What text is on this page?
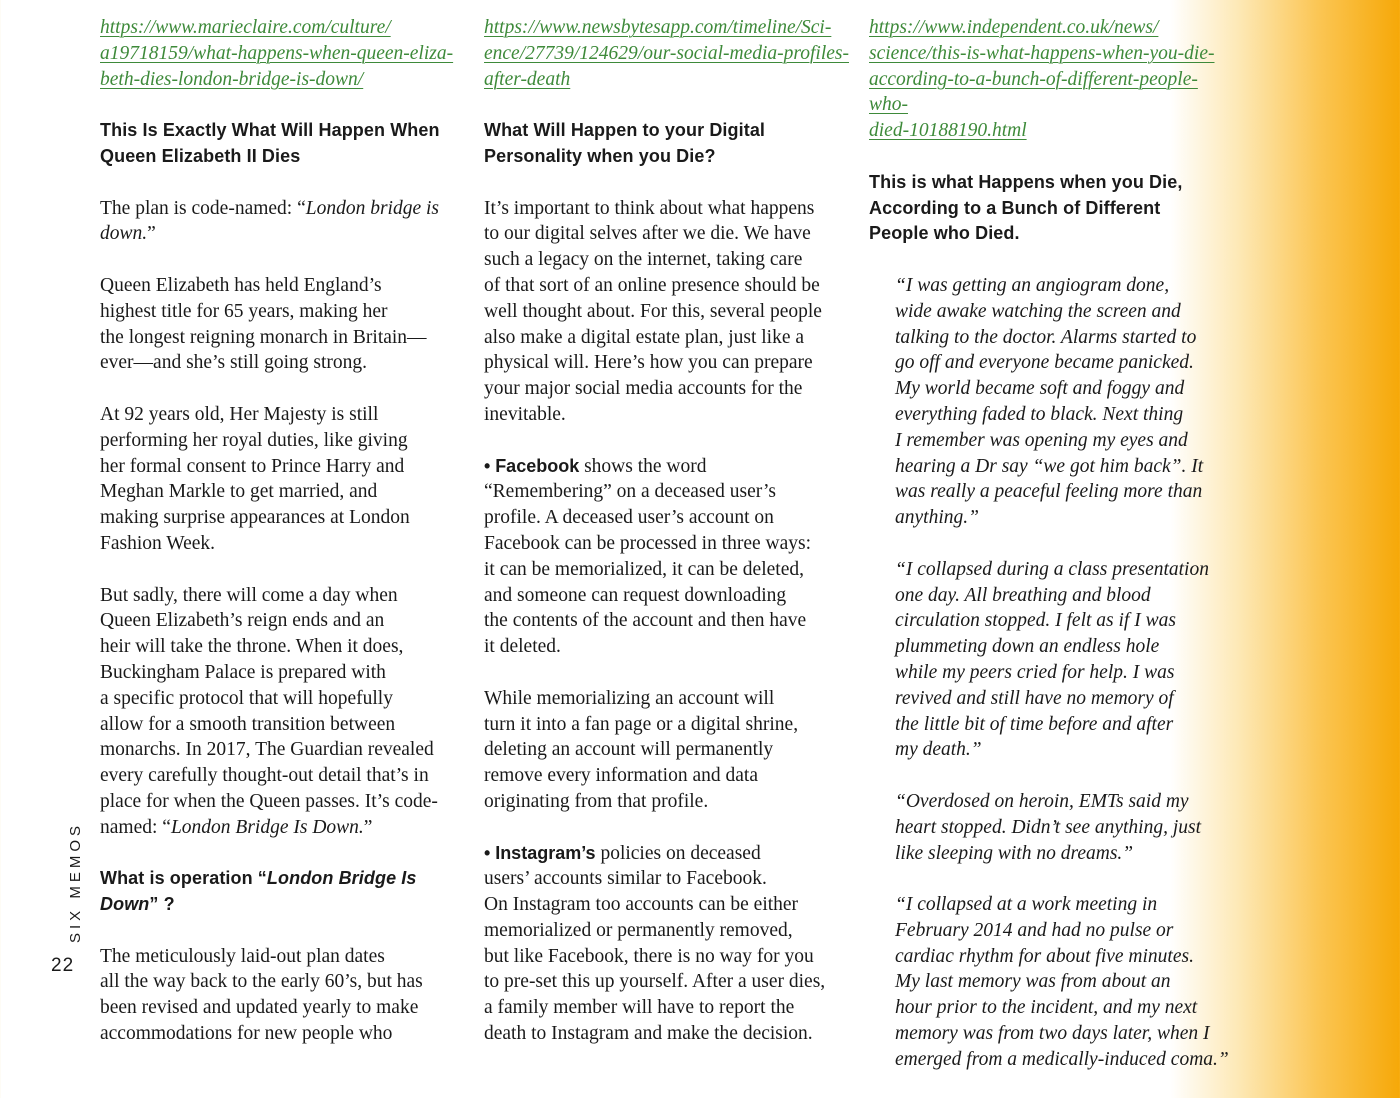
SIX MEMOS
22
https://www.marieclaire.com/culture/
a19718159/what-happens-when-queen-eliza-
beth-dies-london-bridge-is-down/
This Is Exactly What Will Happen When
Queen Elizabeth II Dies
The plan is code-named: “London bridge is
down.”
Queen Elizabeth has held England’s
highest title for 65 years, making her
the longest reigning monarch in Britain—
ever—and she’s still going strong.
At 92 years old, Her Majesty is still
performing her royal duties, like giving
her formal consent to Prince Harry and
Meghan Markle to get married, and
making surprise appearances at London
Fashion Week.
But sadly, there will come a day when
Queen Elizabeth’s reign ends and an
heir will take the throne. When it does,
Buckingham Palace is prepared with
a specific protocol that will hopefully
allow for a smooth transition between
monarchs. In 2017, The Guardian revealed
every carefully thought-out detail that’s in
place for when the Queen passes. It’s code-
named: “London Bridge Is Down.”
What is operation “London Bridge Is
Down” ?
The meticulously laid-out plan dates
all the way back to the early 60’s, but has
been revised and updated yearly to make
accommodations for new people who
https://www.newsbytesapp.com/timeline/Sci-
ence/27739/124629/our-social-media-profiles-
after-death
What Will Happen to your Digital
Personality when you Die?
It’s important to think about what happens
to our digital selves after we die. We have
such a legacy on the internet, taking care
of that sort of an online presence should be
well thought about. For this, several people
also make a digital estate plan, just like a
physical will. Here’s how you can prepare
your major social media accounts for the
inevitable.
• Facebook shows the word
“Remembering” on a deceased user’s
profile. A deceased user’s account on
Facebook can be processed in three ways:
it can be memorialized, it can be deleted,
and someone can request downloading
the contents of the account and then have
it deleted.
While memorializing an account will
turn it into a fan page or a digital shrine,
deleting an account will permanently
remove every information and data
originating from that profile.
• Instagram’s policies on deceased
users’ accounts similar to Facebook.
On Instagram too accounts can be either
memorialized or permanently removed,
but like Facebook, there is no way for you
to pre-set this up yourself. After a user dies,
a family member will have to report the
death to Instagram and make the decision.
https://www.independent.co.uk/news/
science/this-is-what-happens-when-you-die-
according-to-a-bunch-of-different-people-who-
died-10188190.html
This is what Happens when you Die,
According to a Bunch of Different
People who Died.
“I was getting an angiogram done,
wide awake watching the screen and
talking to the doctor. Alarms started to
go off and everyone became panicked.
My world became soft and foggy and
everything faded to black. Next thing
I remember was opening my eyes and
hearing a Dr say “we got him back”. It
was really a peaceful feeling more than
anything.”
“I collapsed during a class presentation
one day. All breathing and blood
circulation stopped. I felt as if I was
plummeting down an endless hole
while my peers cried for help. I was
revived and still have no memory of
the little bit of time before and after
my death.”
“Overdosed on heroin, EMTs said my
heart stopped. Didn’t see anything, just
like sleeping with no dreams.”
“I collapsed at a work meeting in
February 2014 and had no pulse or
cardiac rhythm for about five minutes.
My last memory was from about an
hour prior to the incident, and my next
memory was from two days later, when I
emerged from a medically-induced coma.”
